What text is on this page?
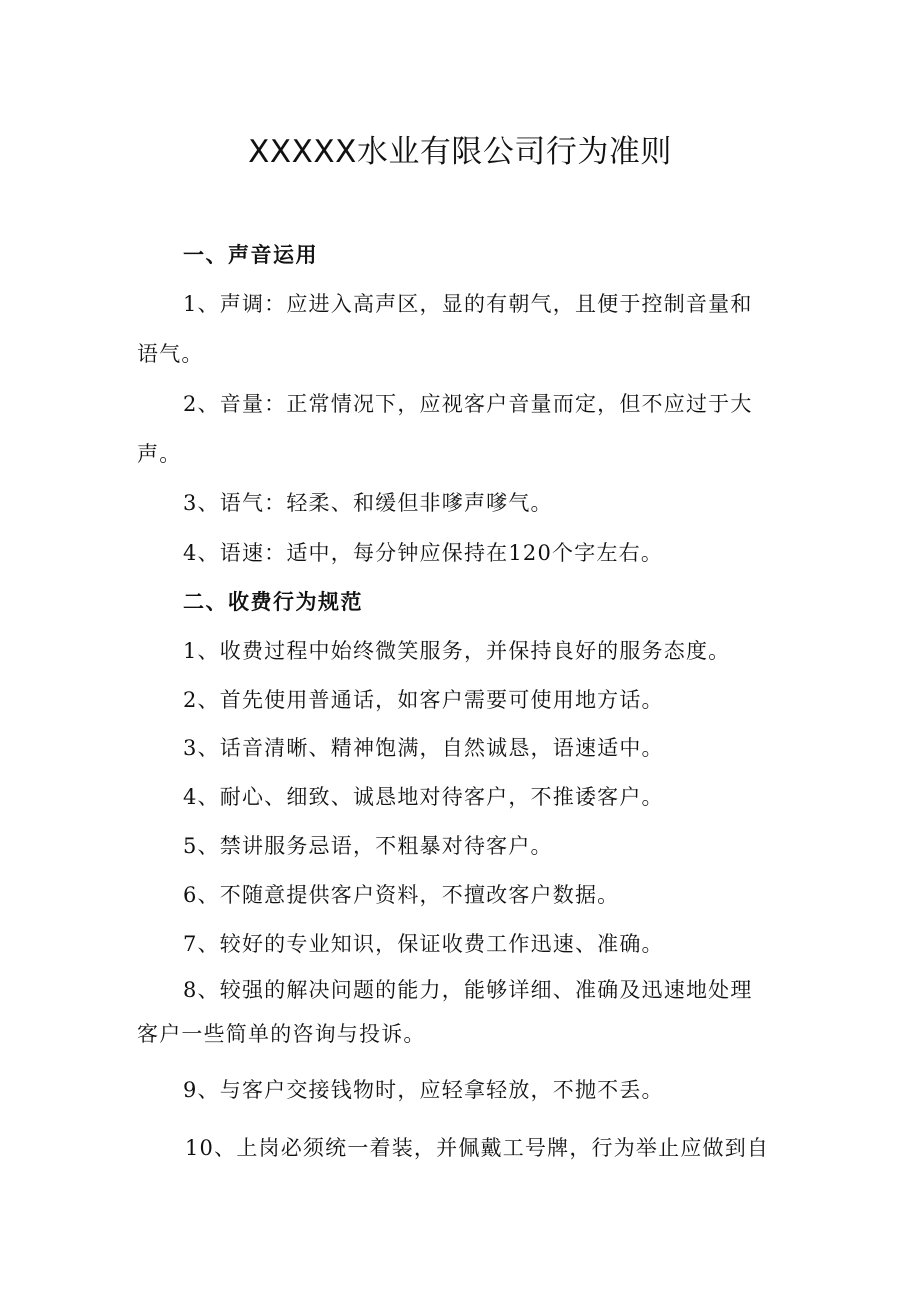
XXXXX水业有限公司行为准则
一、声音运用
1、声调：应进入高声区，显的有朝气，且便于控制音量和
语气。
2、音量：正常情况下，应视客户音量而定，但不应过于大
声。
3、语气：轻柔、和缓但非嗲声嗲气。
4、语速：适中，每分钟应保持在120个字左右。
二、收费行为规范
1、收费过程中始终微笑服务，并保持良好的服务态度。
2、首先使用普通话，如客户需要可使用地方话。
3、话音清晰、精神饱满，自然诚恳，语速适中。
4、耐心、细致、诚恳地对待客户，不推诿客户。
5、禁讲服务忌语，不粗暴对待客户。
6、不随意提供客户资料，不擅改客户数据。
7、较好的专业知识，保证收费工作迅速、准确。
8、较强的解决问题的能力，能够详细、准确及迅速地处理
客户一些简单的咨询与投诉。
9、与客户交接钱物时，应轻拿轻放，不抛不丢。
10、上岗必须统一着装，并佩戴工号牌，行为举止应做到自
